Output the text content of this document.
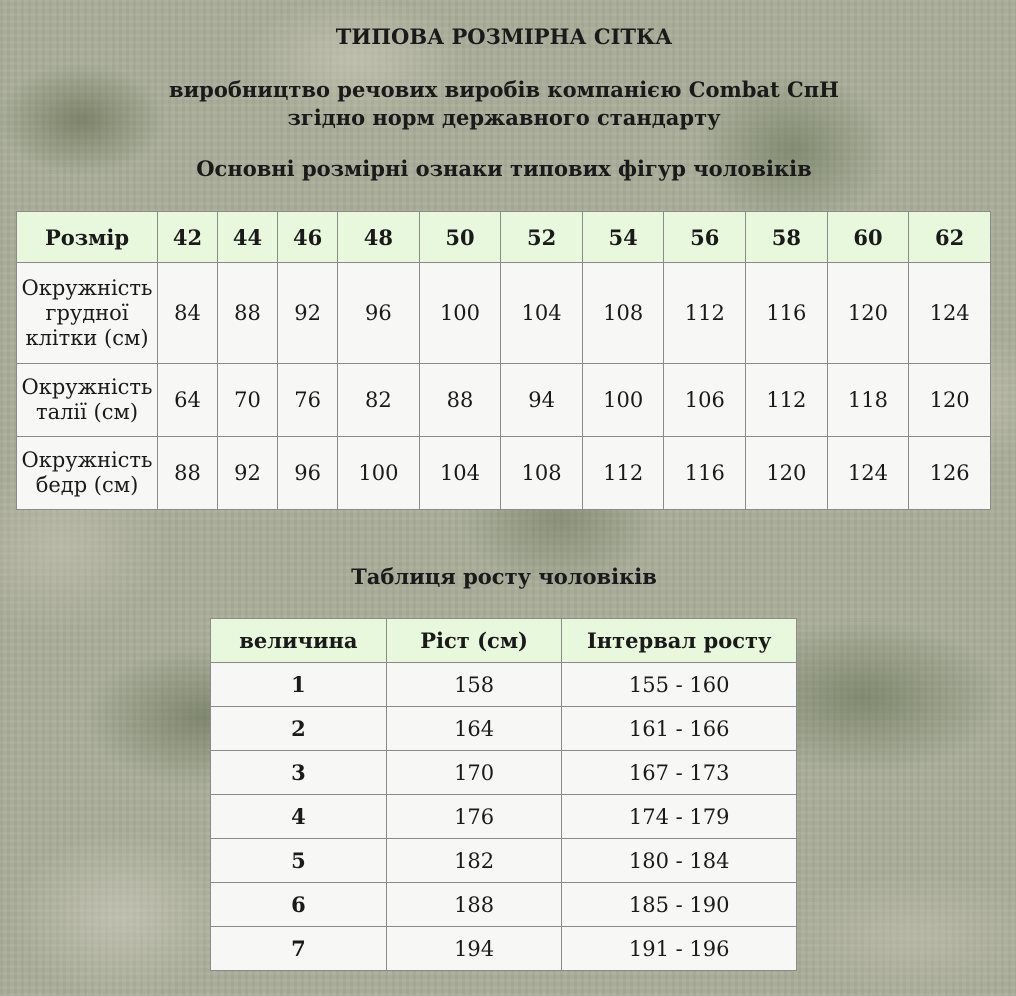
ТИПОВА РОЗМІРНА СІТКА
виробництво речових виробів компанією Combat СпН
згідно норм державного стандарту
Основні розмірні ознаки типових фігур чоловіків
Розмір	42	44	46	48	50	52	54	56	58	60	62

Окружність
грудної
клітки (см)	84	88	92	96	100	104	108	112	116	120	124

Окружність
талії (см)	64	70	76	82	88	94	100	106	112	118	120

Окружність
бедр (см)	88	92	96	100	104	108	112	116	120	124	126
Таблиця росту чоловіків
величина	Ріст (см)	Інтервал росту
1	158	155 - 160
2	164	161 - 166
3	170	167 - 173
4	176	174 - 179
5	182	180 - 184
6	188	185 - 190
7	194	191 - 196
